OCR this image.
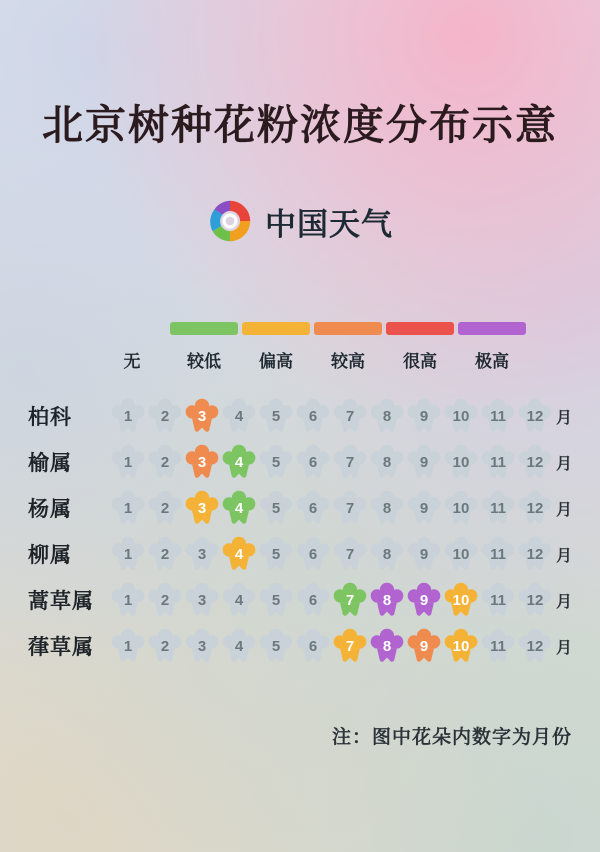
北京树种花粉浓度分布示意
中国天气
无	较低	偏高	较高	很高	极高
柏科	1	2	3	4	5	6	7	8	9	10	11	12 月
榆属	1	2	3	4	5	6	7	8	9	10	11	12 月
杨属	1	2	3	4	5	6	7	8	9	10	11	12 月
柳属	1	2	3	4	5	6	7	8	9	10	11	12 月
蒿草属	1	2	3	4	5	6	7	8	9	10	11	12 月
葎草属	1	2	3	4	5	6	7	8	9	10	11	12 月
注：图中花朵内数字为月份
